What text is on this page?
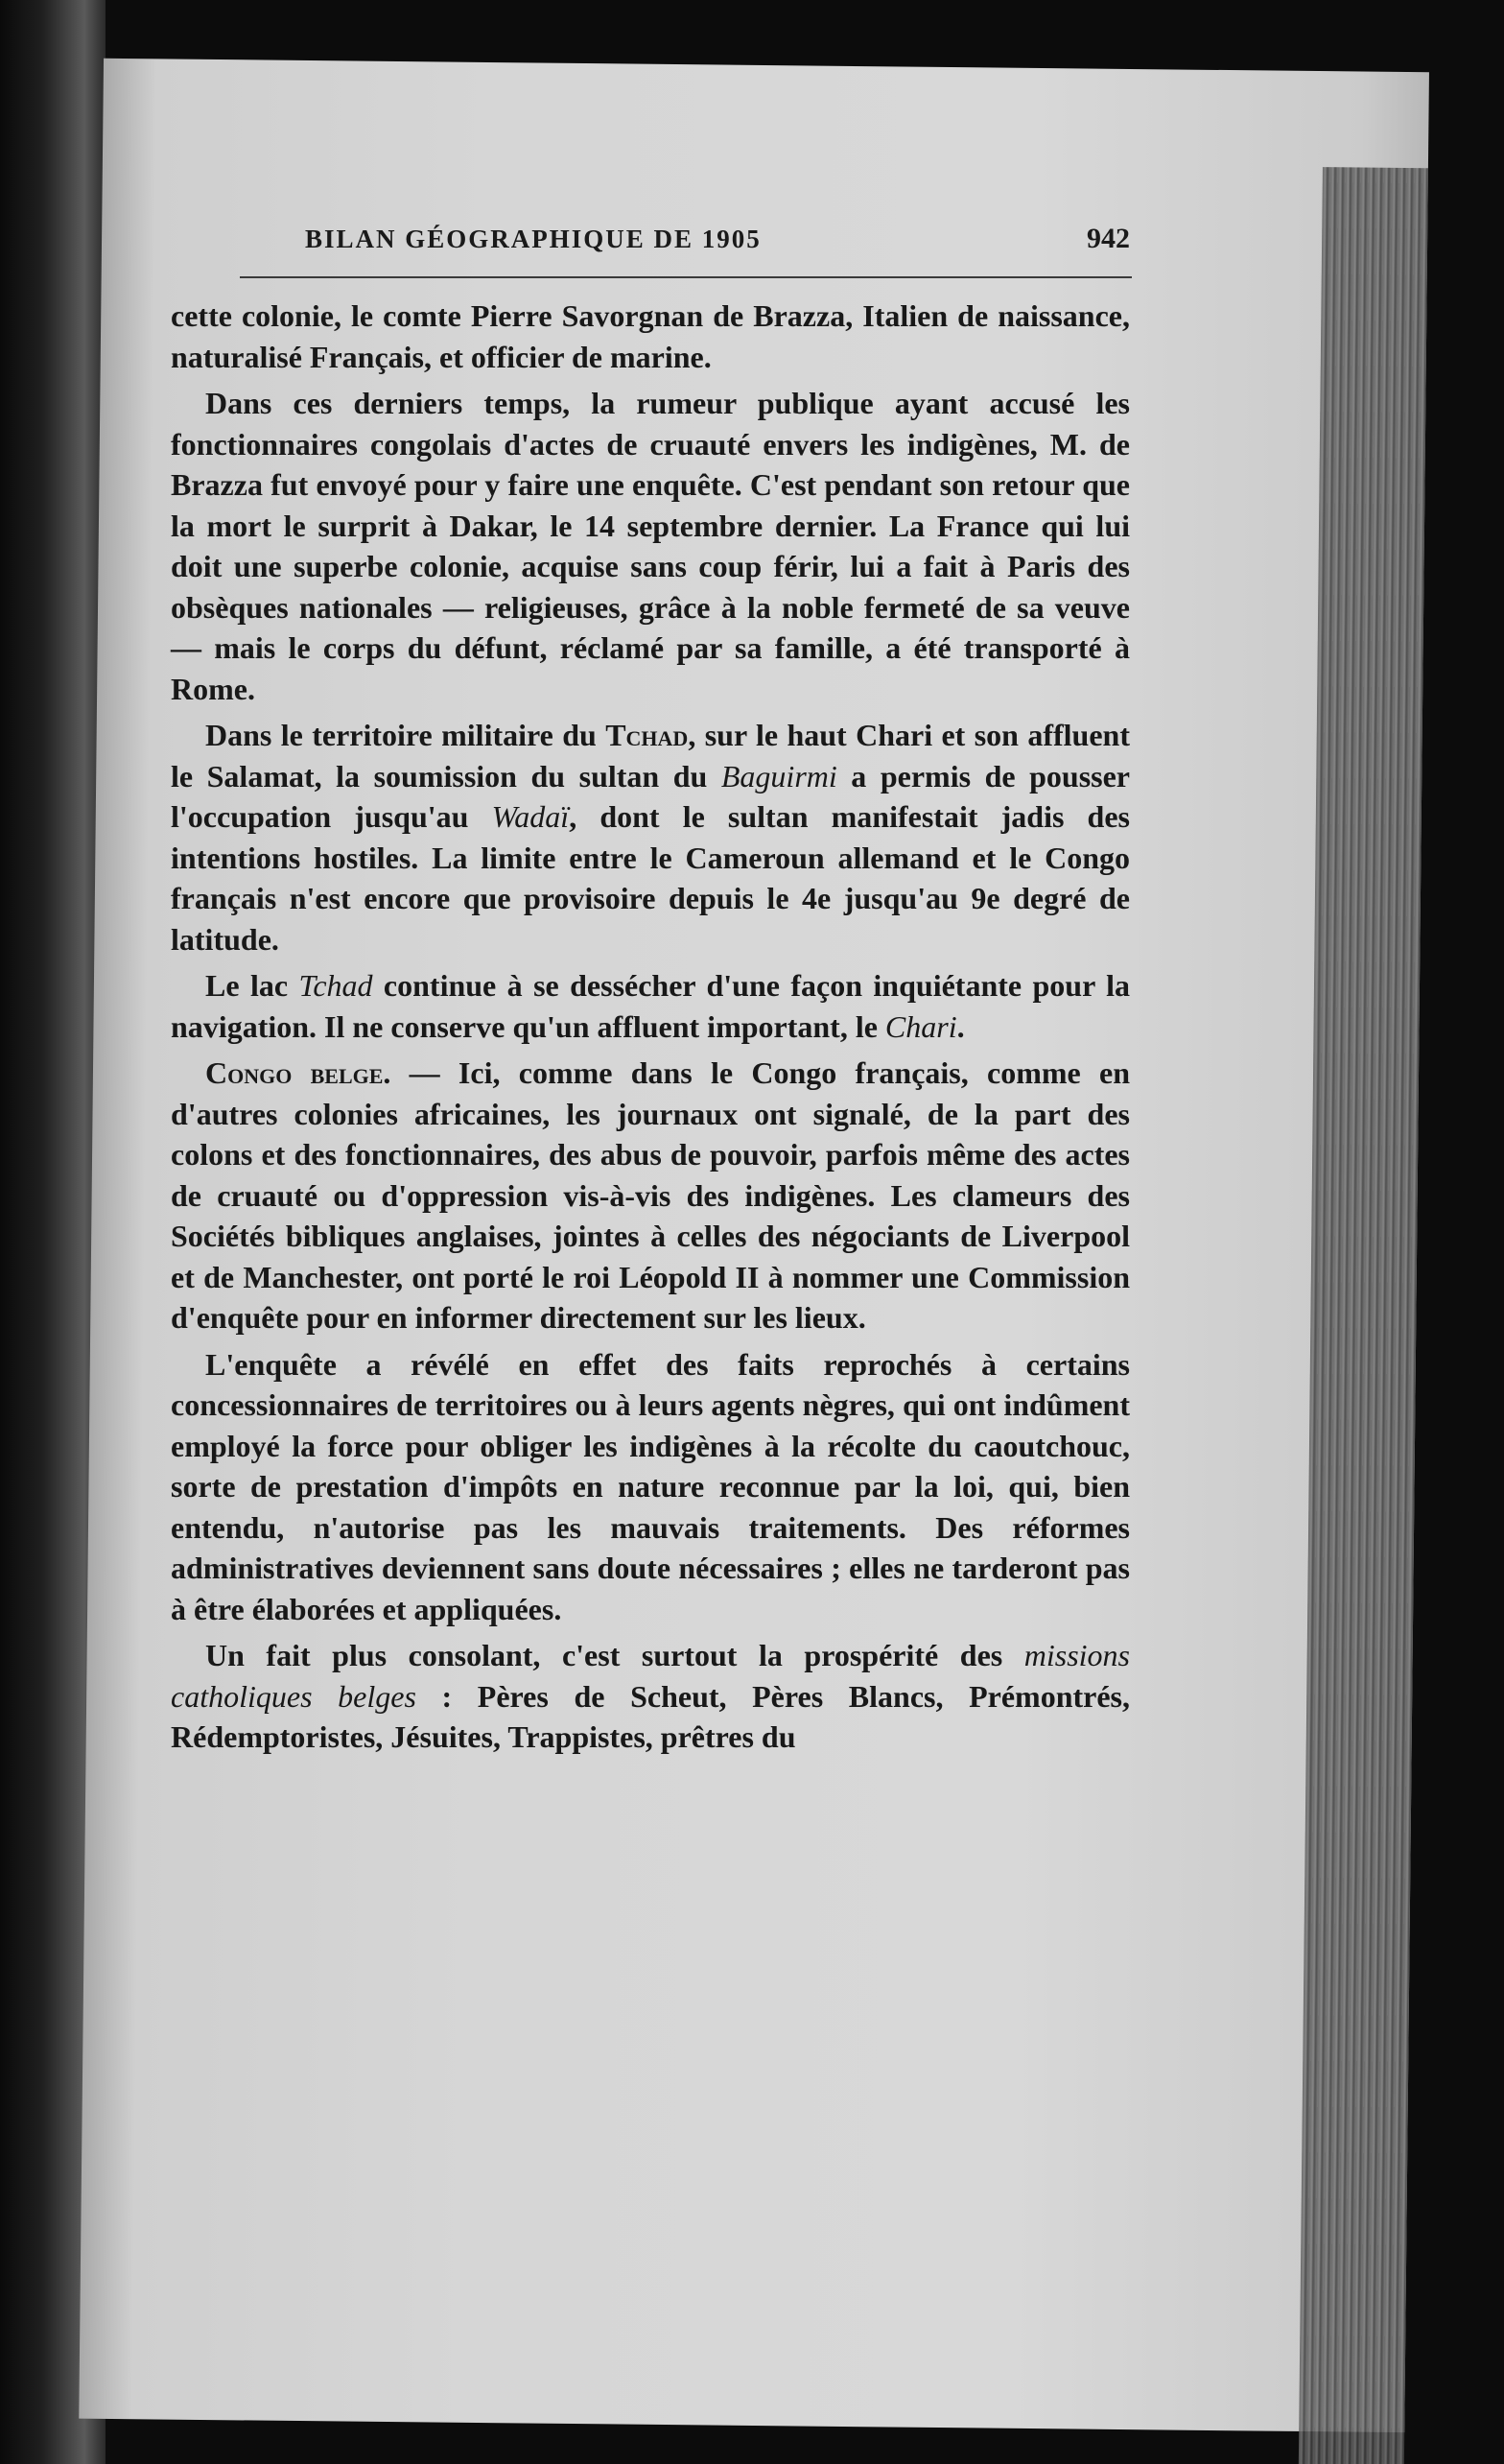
BILAN GÉOGRAPHIQUE DE 1905	942

cette colonie, le comte Pierre Savorgnan de Brazza, Italien de naissance, naturalisé Français, et officier de marine.

Dans ces derniers temps, la rumeur publique ayant accusé les fonctionnaires congolais d'actes de cruauté envers les indigènes, M. de Brazza fut envoyé pour y faire une enquête. C'est pendant son retour que la mort le surprit à Dakar, le 14 septembre dernier. La France qui lui doit une superbe colonie, acquise sans coup férir, lui a fait à Paris des obsèques nationales — religieuses, grâce à la noble fermeté de sa veuve — mais le corps du défunt, réclamé par sa famille, a été transporté à Rome.

Dans le territoire militaire du Tchad, sur le haut Chari et son affluent le Salamat, la soumission du sultan du Baguirmi a permis de pousser l'occupation jusqu'au Wadaï, dont le sultan manifestait jadis des intentions hostiles. La limite entre le Cameroun allemand et le Congo français n'est encore que provisoire depuis le 4e jusqu'au 9e degré de latitude.

Le lac Tchad continue à se dessécher d'une façon inquiétante pour la navigation. Il ne conserve qu'un affluent important, le Chari.

Congo belge. — Ici, comme dans le Congo français, comme en d'autres colonies africaines, les journaux ont signalé, de la part des colons et des fonctionnaires, des abus de pouvoir, parfois même des actes de cruauté ou d'oppression vis-à-vis des indigènes. Les clameurs des Sociétés bibliques anglaises, jointes à celles des négociants de Liverpool et de Manchester, ont porté le roi Léopold II à nommer une Commission d'enquête pour en informer directement sur les lieux.

L'enquête a révélé en effet des faits reprochés à certains concessionnaires de territoires ou à leurs agents nègres, qui ont indûment employé la force pour obliger les indigènes à la récolte du caoutchouc, sorte de prestation d'impôts en nature reconnue par la loi, qui, bien entendu, n'autorise pas les mauvais traitements. Des réformes administratives deviennent sans doute nécessaires ; elles ne tarderont pas à être élaborées et appliquées.

Un fait plus consolant, c'est surtout la prospérité des missions catholiques belges : Pères de Scheut, Pères Blancs, Prémontrés, Rédemptoristes, Jésuites, Trappistes, prêtres du
